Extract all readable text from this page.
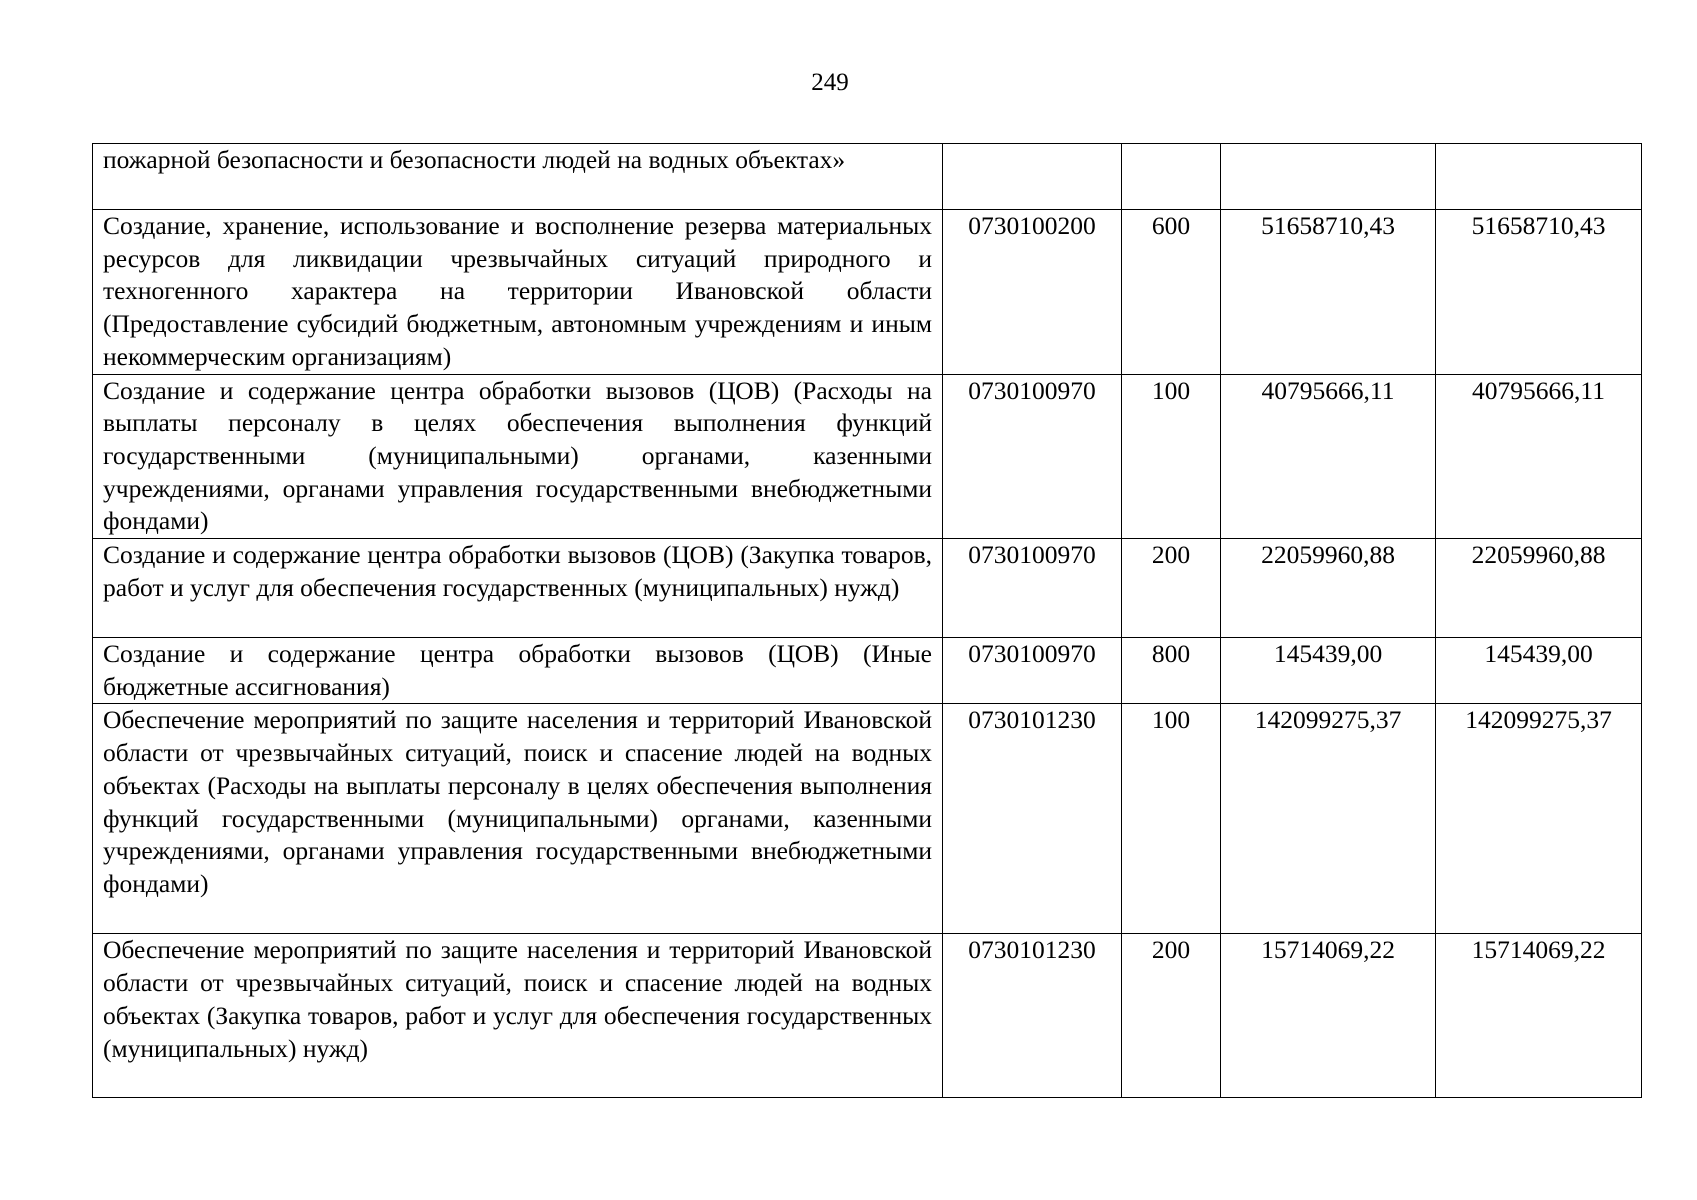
249
пожарной безопасности и безопасности людей на водных объектах»				
Создание, хранение, использование и восполнение резерва материальных ресурсов для ликвидации чрезвычайных ситуаций природного и техногенного характера на территории Ивановской области (Предоставление субсидий бюджетным, автономным учреждениям и иным некоммерческим организациям)	0730100200	600	51658710,43	51658710,43
Создание и содержание центра обработки вызовов (ЦОВ) (Расходы на выплаты персоналу в целях обеспечения выполнения функций государственными (муниципальными) органами, казенными учреждениями, органами управления государственными внебюджетными фондами)	0730100970	100	40795666,11	40795666,11
Создание и содержание центра обработки вызовов (ЦОВ) (Закупка товаров, работ и услуг для обеспечения государственных (муниципальных) нужд)	0730100970	200	22059960,88	22059960,88
Создание и содержание центра обработки вызовов (ЦОВ) (Иные бюджетные ассигнования)	0730100970	800	145439,00	145439,00
Обеспечение мероприятий по защите населения и территорий Ивановской области от чрезвычайных ситуаций, поиск и спасение людей на водных объектах (Расходы на выплаты персоналу в целях обеспечения выполнения функций государственными (муниципальными) органами, казенными учреждениями, органами управления государственными внебюджетными фондами)	0730101230	100	142099275,37	142099275,37
Обеспечение мероприятий по защите населения и территорий Ивановской области от чрезвычайных ситуаций, поиск и спасение людей на водных объектах (Закупка товаров, работ и услуг для обеспечения государственных (муниципальных) нужд)	0730101230	200	15714069,22	15714069,22
